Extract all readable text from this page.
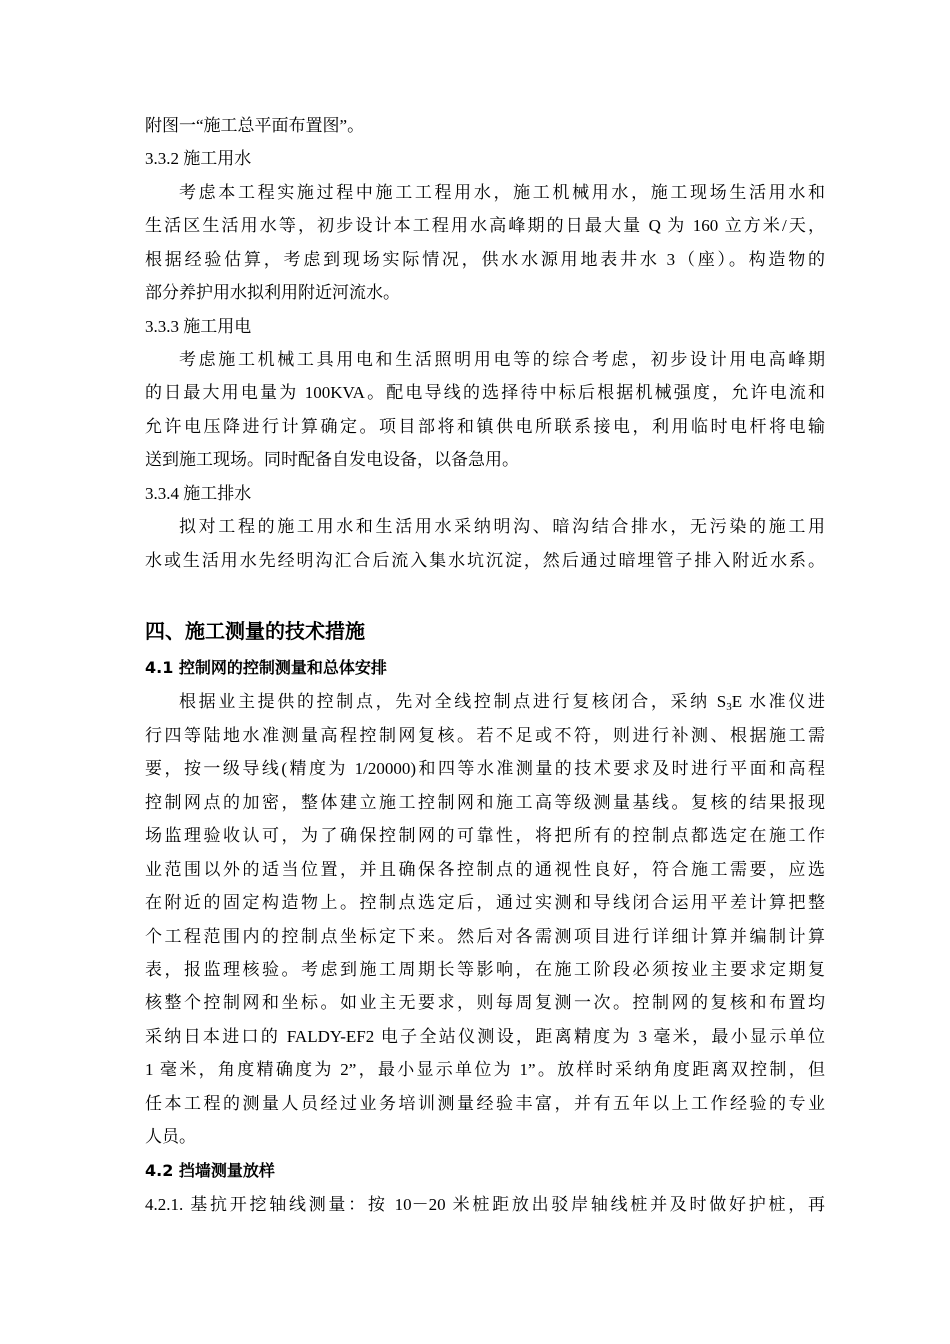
附图一“施工总平面布置图”。
3.3.2 施工用水
考虑本工程实施过程中施工工程用水，施工机械用水，施工现场生活用水和
生活区生活用水等，初步设计本工程用水高峰期的日最大量 Q 为 160 立方米/天，
根据经验估算，考虑到现场实际情况，供水水源用地表井水 3（座）。构造物的
部分养护用水拟利用附近河流水。
3.3.3 施工用电
考虑施工机械工具用电和生活照明用电等的综合考虑，初步设计用电高峰期
的日最大用电量为 100KVA。配电导线的选择待中标后根据机械强度，允许电流和
允许电压降进行计算确定。项目部将和镇供电所联系接电，利用临时电杆将电输
送到施工现场。同时配备自发电设备，以备急用。
3.3.4 施工排水
拟对工程的施工用水和生活用水采纳明沟、暗沟结合排水，无污染的施工用
水或生活用水先经明沟汇合后流入集水坑沉淀，然后通过暗埋管子排入附近水系。
四、施工测量的技术措施
4.1 控制网的控制测量和总体安排
根据业主提供的控制点，先对全线控制点进行复核闭合，采纳 $S_3E$ 水准仪进
行四等陆地水准测量高程控制网复核。若不足或不符，则进行补测、根据施工需
要，按一级导线(精度为 1/20000)和四等水准测量的技术要求及时进行平面和高程
控制网点的加密，整体建立施工控制网和施工高等级测量基线。复核的结果报现
场监理验收认可，为了确保控制网的可靠性，将把所有的控制点都选定在施工作
业范围以外的适当位置，并且确保各控制点的通视性良好，符合施工需要，应选
在附近的固定构造物上。控制点选定后，通过实测和导线闭合运用平差计算把整
个工程范围内的控制点坐标定下来。然后对各需测项目进行详细计算并编制计算
表，报监理核验。考虑到施工周期长等影响，在施工阶段必须按业主要求定期复
核整个控制网和坐标。如业主无要求，则每周复测一次。控制网的复核和布置均
采纳日本进口的 FALDY-EF2 电子全站仪测设，距离精度为 3 毫米，最小显示单位
1 毫米，角度精确度为 2”，最小显示单位为 1”。放样时采纳角度距离双控制，但
任本工程的测量人员经过业务培训测量经验丰富，并有五年以上工作经验的专业
人员。
4.2 挡墙测量放样
4.2.1. 基抗开挖轴线测量：按 10－20 米桩距放出驳岸轴线桩并及时做好护桩，再
